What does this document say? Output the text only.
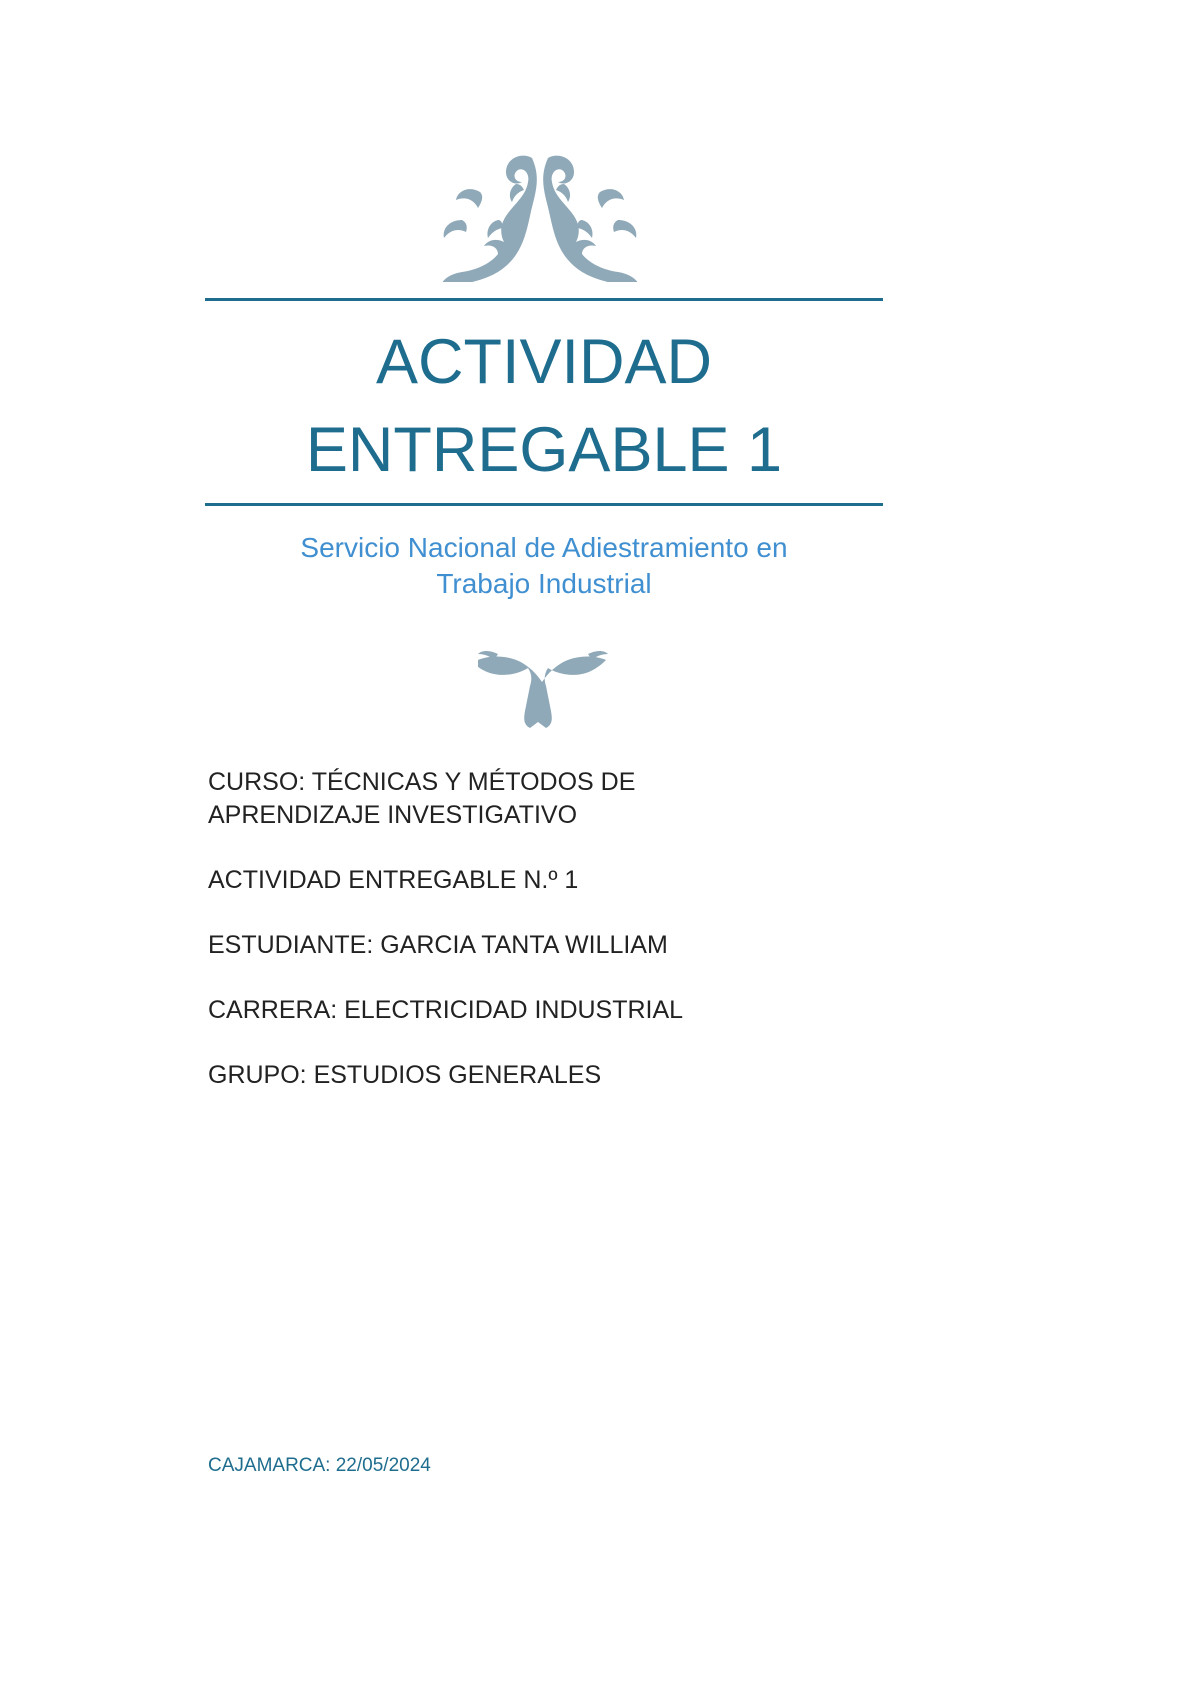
ACTIVIDAD
ENTREGABLE 1
Servicio Nacional de Adiestramiento en
Trabajo Industrial

CURSO: TÉCNICAS Y MÉTODOS DE
APRENDIZAJE INVESTIGATIVO

ACTIVIDAD ENTREGABLE N.º 1

ESTUDIANTE: GARCIA TANTA WILLIAM

CARRERA: ELECTRICIDAD INDUSTRIAL

GRUPO: ESTUDIOS GENERALES

CAJAMARCA: 22/05/2024
